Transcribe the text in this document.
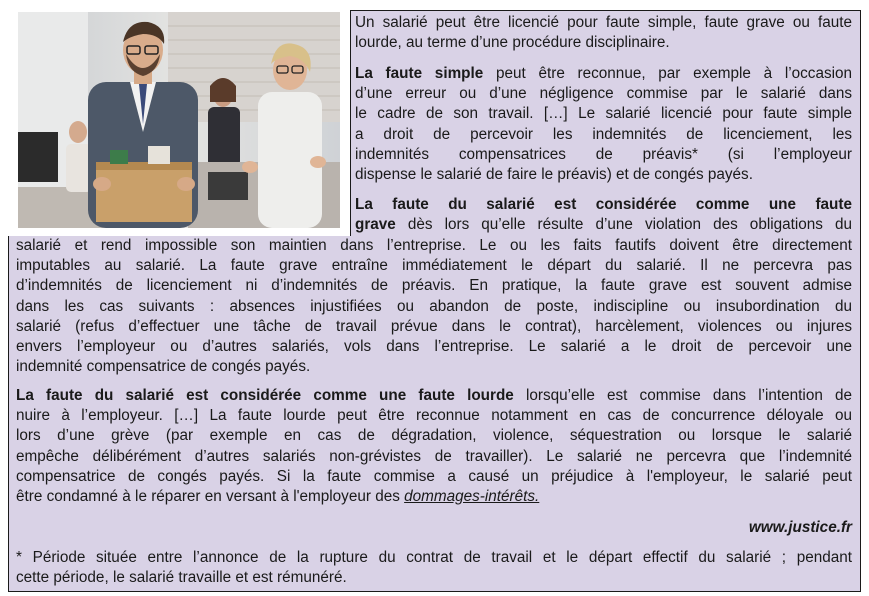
Un salarié peut être licencié pour faute simple, faute grave ou faute lourde, au terme d’une procédure disciplinaire.

La faute simple peut être reconnue, par exemple à l’occasion
d’une erreur ou d’une négligence commise par le salarié dans
le cadre de son travail. […] Le salarié licencié pour faute simple
a droit de percevoir les indemnités de licenciement, les
indemnités compensatrices de préavis* (si l’employeur
dispense le salarié de faire le préavis) et de congés payés.

La faute du salarié est considérée comme une faute
grave dès lors qu’elle résulte d’une violation des obligations du

salarié et rend impossible son maintien dans l’entreprise. Le ou les faits fautifs doivent être directement
imputables au salarié. La faute grave entraîne immédiatement le départ du salarié. Il ne percevra pas
d’indemnités de licenciement ni d’indemnités de préavis. En pratique, la faute grave est souvent admise
dans les cas suivants : absences injustifiées ou abandon de poste, indiscipline ou insubordination du
salarié (refus d’effectuer une tâche de travail prévue dans le contrat), harcèlement, violences ou injures
envers l’employeur ou d’autres salariés, vols dans l’entreprise. Le salarié a le droit de percevoir une
indemnité compensatrice de congés payés.

La faute du salarié est considérée comme une faute lourde lorsqu’elle est commise dans l’intention de
nuire à l’employeur. […] La faute lourde peut être reconnue notamment en cas de concurrence déloyale ou
lors d’une grève (par exemple en cas de dégradation, violence, séquestration ou lorsque le salarié
empêche délibérément d’autres salariés non-grévistes de travailler). Le salarié ne percevra que l’indemnité
compensatrice de congés payés. Si la faute commise a causé un préjudice à l'employeur, le salarié peut
être condamné à le réparer en versant à l'employeur des dommages-intérêts.

www.justice.fr

* Période située entre l’annonce de la rupture du contrat de travail et le départ effectif du salarié ; pendant
cette période, le salarié travaille et est rémunéré.
